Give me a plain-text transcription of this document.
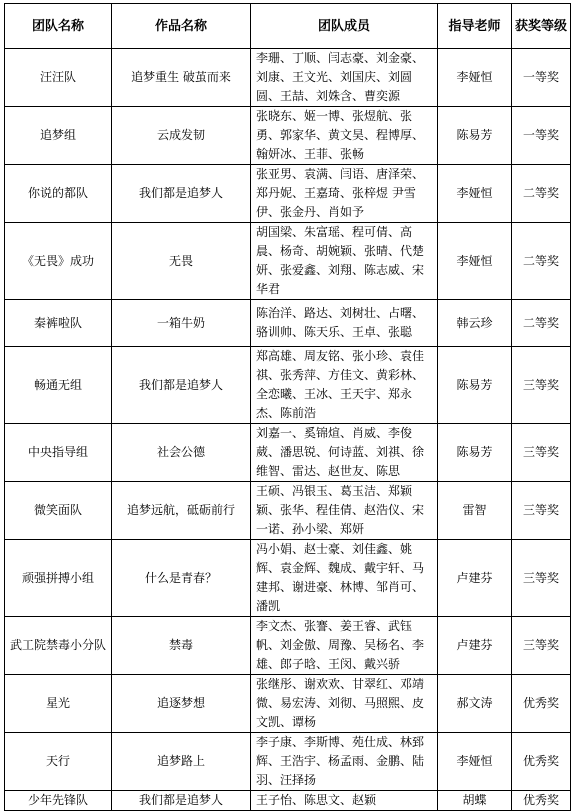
团队名称	作品名称	团队成员	指导老师	获奖等级
汪汪队	追梦重生 破茧而来	李珊、丁顺、闫志豪、刘金豪、刘康、王文光、刘国庆、刘圆圆、王喆、刘姝含、曹奕源	李娅恒	一等奖
追梦组	云成发韧	张晓东、姬一博、张煜航、张勇、郭家华、黄文昊、程博厚、翰妍冰、王菲、张畅	陈易芳	一等奖
你说的都队	我们都是追梦人	张亚男、袁满、闫语、唐泽荣、郑丹妮、王嘉琦、张梓煜 尹雪伊、张金丹、肖如予	李娅恒	二等奖
《无畏》成功	无畏	胡国梁、朱富瑶、程可倩、高晨、杨奇、胡婉颖、张晴、代楚妍、张爱鑫、刘翔、陈志威、宋华君	李娅恒	二等奖
秦裤啦队	一箱牛奶	陈治洋、路达、刘树壮、占曙、骆训帅、陈天乐、王卓、张聪	韩云珍	二等奖
畅通无组	我们都是追梦人	郑高雄、周友铭、张小珍、袁佳祺、张秀萍、方佳文、黄彩林、全恋曦、王冰、王天宇、郑永杰、陈前浩	陈易芳	三等奖
中央指导组	社会公德	刘嘉一、奚锦煊、肖威、李俊葳、潘思锐、何诗蓝、刘祺、徐维智、雷达、赵世友、陈思	陈易芳	三等奖
微笑面队	追梦远航，砥砺前行	王硕、冯银玉、葛玉洁、郑颖颖、张华、程佳倩、赵浩仪、宋一诺、孙小梁、郑妍	雷智	三等奖
顽强拼搏小组	什么是青春？	冯小娟、赵士豪、刘佳鑫、姚辉、袁金辉、魏成、戴宇轩、马建邦、谢进豪、林博、邹肖可、潘凯	卢建芬	三等奖
武工院禁毒小分队	禁毒	李文杰、张謇、姜王睿、武钰帆、刘金傲、周豫、吴杨名、李雄、郎子晗、王闵、戴兴骄	卢建芬	三等奖
星光	追逐梦想	张继彤、谢欢欢、甘翠红、邓靖微、易宏涛、刘彻、马照熙、皮文凯、谭杨	郝文涛	优秀奖
天行	追梦路上	李子康、李斯博、苑仕成、林郅辉、王浩宇、杨孟雨、金鹏、陆羽、汪择扬	李娅恒	优秀奖
少年先锋队	我们都是追梦人	王子怡、陈思文、赵颖	胡蝶	优秀奖
